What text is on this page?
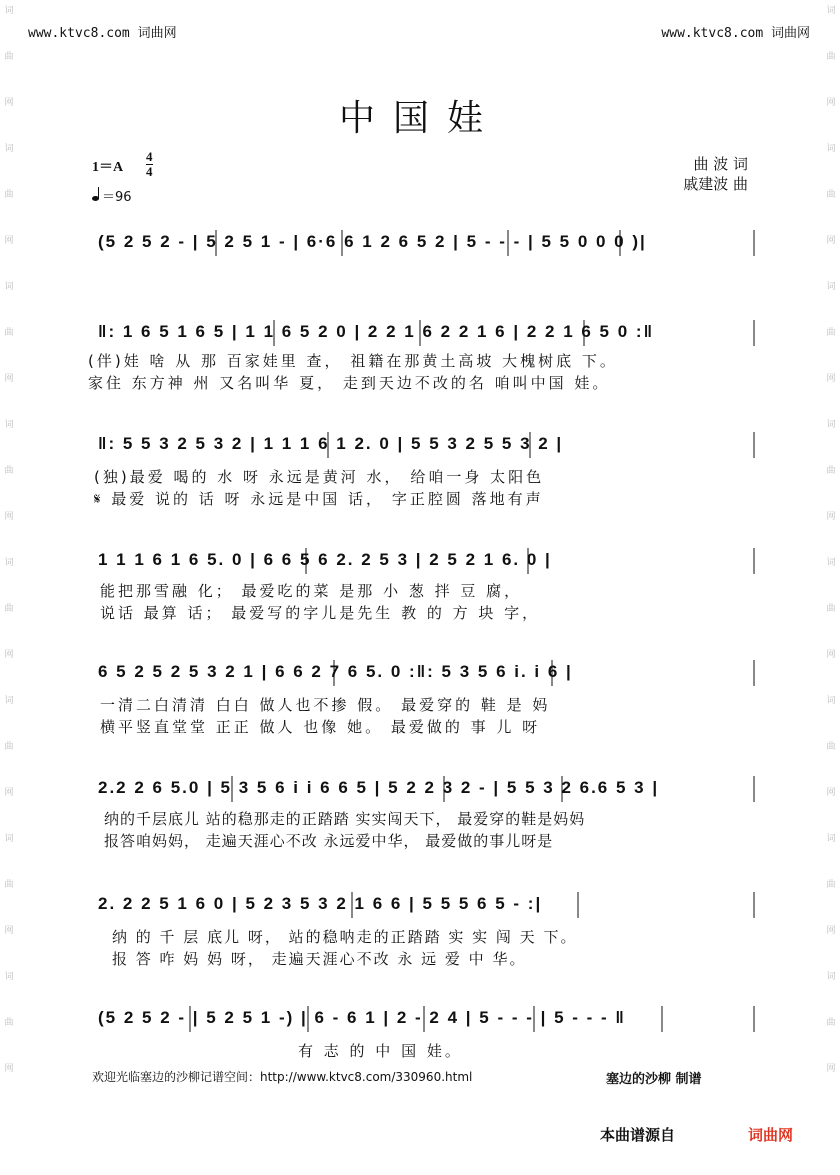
词
曲
网
词
曲
网
词
曲
网
词
曲
网
词
曲
网
词
曲
网
词
曲
网
词
曲
网
词
曲
网
词
曲
网
词
曲
网
词
曲
网
词
曲
网
词
曲
网
词
曲
网
词
曲
网
www.ktvc8.com 词曲网	www.ktvc8.com 词曲网
中国娃
1＝A
4
4
＝96
曲 波 词
戚建波 曲
(5 2 5 2 - | 5 2 5 1 - | 6·6 6 1 2 6 5 2 | 5 - - - | 5 5 0 0 0 )|
‖: 1 6 5 1 6 5 | 1 1 6 5 2 0 | 2 2 1 6 2 2 1 6 | 2 2 1 6 5 0 :‖
‖: 5 5 3 2 5 3 2 | 1 1 1 6 1 2. 0 | 5 5 3 2 5 5 3 2 |
1 1 1 6 1 6 5. 0 | 6 6 5 6 2. 2 5 3 | 2 5 2 1 6. 0 |
6 5 2 5 2 5 3 2 1 | 6 6 2 7 6 5. 0 :‖: 5 3 5 6 i. i 6 |
2.2 2 6 5.0 | 5 3 5 6 i i 6 6 5 | 5 2 2 3 2 - | 5 5 3 2 6.6 5 3 |
2. 2 2 5 1 6 0 | 5 2 3 5 3 2 1 6 6 | 5 5 5 6 5 - :|
(5 2 5 2 - | 5 2 5 1 -) | 6 - 6 1 | 2 - 2 4 | 5 - - - | 5 - - - ‖
(伴)娃 啥 从 那 百家娃里 查， 祖籍在那黄土高坡 大槐树底 下。
家住 东方神 州 又名叫华 夏， 走到天边不改的名 咱叫中国 娃。
(独)最爱 喝的 水 呀 永远是黄河 水， 给咱一身 太阳色
𝄋 最爱 说的 话 呀 永远是中国 话， 字正腔圆 落地有声
能把那雪融 化； 最爱吃的菜 是那 小 葱 拌 豆 腐，
说话 最算 话； 最爱写的字儿是先生 教 的 方 块 字，
一清二白清清 白白 做人也不掺 假。 最爱穿的 鞋 是 妈
横平竖直堂堂 正正 做人 也像 她。 最爱做的 事 儿 呀
纳的千层底儿 站的稳那走的正踏踏 实实闯天下， 最爱穿的鞋是妈妈
报答咱妈妈， 走遍天涯心不改 永远爱中华， 最爱做的事儿呀是
纳 的 千 层 底儿 呀， 站的稳呐走的正踏踏 实 实 闯 天 下。
报 答 咋 妈 妈 呀， 走遍天涯心不改 永 远 爱 中 华。
有 志 的 中 国 娃。
欢迎光临塞边的沙柳记谱空间：http://www.ktvc8.com/330960.html	塞边的沙柳 制谱
本曲谱源自	词曲网
